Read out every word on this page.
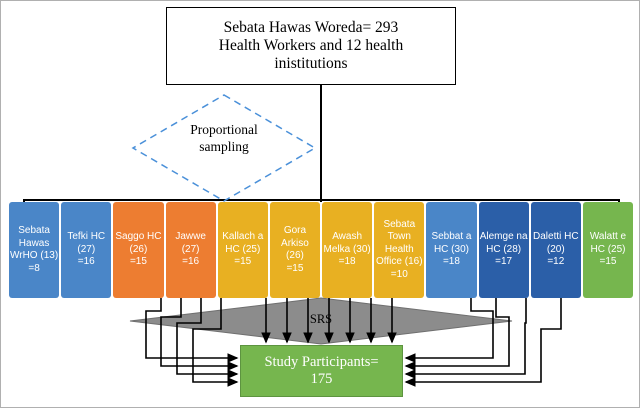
Sebata Hawas Woreda= 293
Health Workers and 12 health
inistitutions
Proportional
sampling
Sebata Hawas WrHO (13)
=8
Tefki HC (27)
=16
Saggo HC (26)
=15
Jawwe (27)
=16
Kallach a HC (25)
=15
Gora Arkiso (26)
=15
Awash Melka (30)
=18
Sebata Town Health Office (16)
=10
Sebbat a HC (30)
=18
Alemge na HC (28)
=17
Daletti HC (20)
=12
Walatt e HC (25)
=15
SRS
Study Participants=
175
